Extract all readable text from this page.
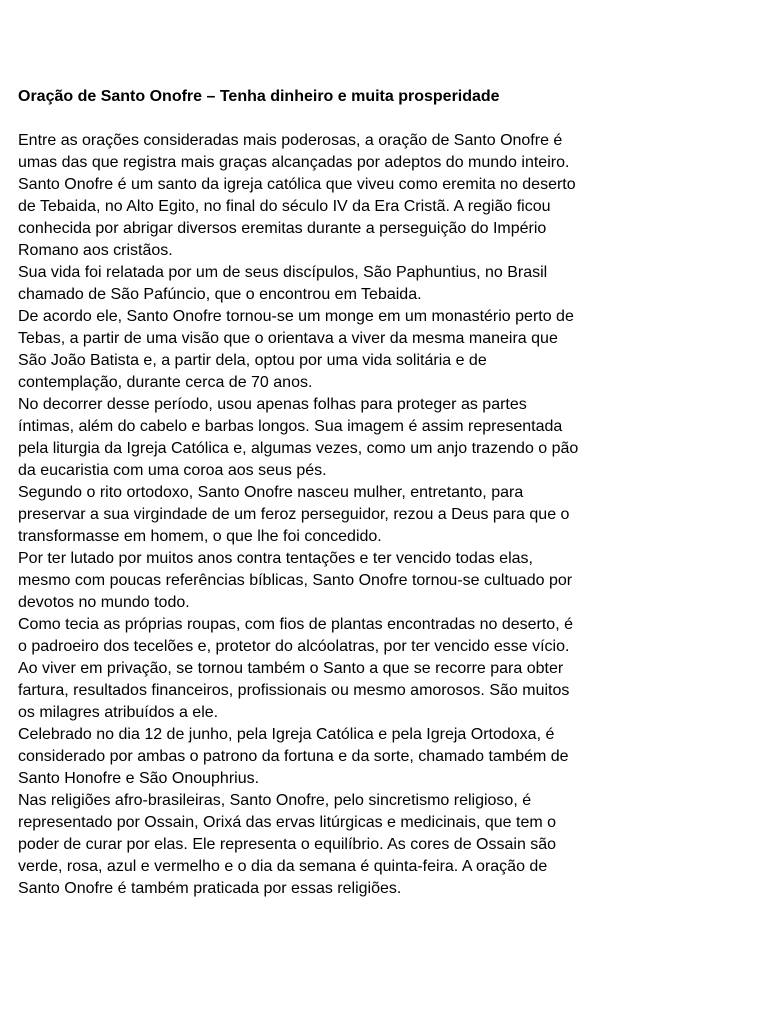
Oração de Santo Onofre – Tenha dinheiro e muita prosperidade

Entre as orações consideradas mais poderosas, a oração de Santo Onofre é

umas das que registra mais graças alcançadas por adeptos do mundo inteiro.

Santo Onofre é um santo da igreja católica que viveu como eremita no deserto

de Tebaida, no Alto Egito, no final do século IV da Era Cristã. A região ficou

conhecida por abrigar diversos eremitas durante a perseguição do Império

Romano aos cristãos.

Sua vida foi relatada por um de seus discípulos, São Paphuntius, no Brasil

chamado de São Pafúncio, que o encontrou em Tebaida.

De acordo ele, Santo Onofre tornou-se um monge em um monastério perto de

Tebas, a partir de uma visão que o orientava a viver da mesma maneira que

São João Batista e, a partir dela, optou por uma vida solitária e de

contemplação, durante cerca de 70 anos.

No decorrer desse período, usou apenas folhas para proteger as partes

íntimas, além do cabelo e barbas longos. Sua imagem é assim representada

pela liturgia da Igreja Católica e, algumas vezes, como um anjo trazendo o pão

da eucaristia com uma coroa aos seus pés.

Segundo o rito ortodoxo, Santo Onofre nasceu mulher, entretanto, para

preservar a sua virgindade de um feroz perseguidor, rezou a Deus para que o

transformasse em homem, o que lhe foi concedido.

Por ter lutado por muitos anos contra tentações e ter vencido todas elas,

mesmo com poucas referências bíblicas, Santo Onofre tornou-se cultuado por

devotos no mundo todo.

Como tecia as próprias roupas, com fios de plantas encontradas no deserto, é

o padroeiro dos tecelões e, protetor do alcóolatras, por ter vencido esse vício.

Ao viver em privação, se tornou também o Santo a que se recorre para obter

fartura, resultados financeiros, profissionais ou mesmo amorosos. São muitos

os milagres atribuídos a ele.

Celebrado no dia 12 de junho, pela Igreja Católica e pela Igreja Ortodoxa, é

considerado por ambas o patrono da fortuna e da sorte, chamado também de

Santo Honofre e São Onouphrius.

Nas religiões afro-brasileiras, Santo Onofre, pelo sincretismo religioso, é

representado por Ossain, Orixá das ervas litúrgicas e medicinais, que tem o

poder de curar por elas. Ele representa o equilíbrio. As cores de Ossain são

verde, rosa, azul e vermelho e o dia da semana é quinta-feira. A oração de

Santo Onofre é também praticada por essas religiões.
